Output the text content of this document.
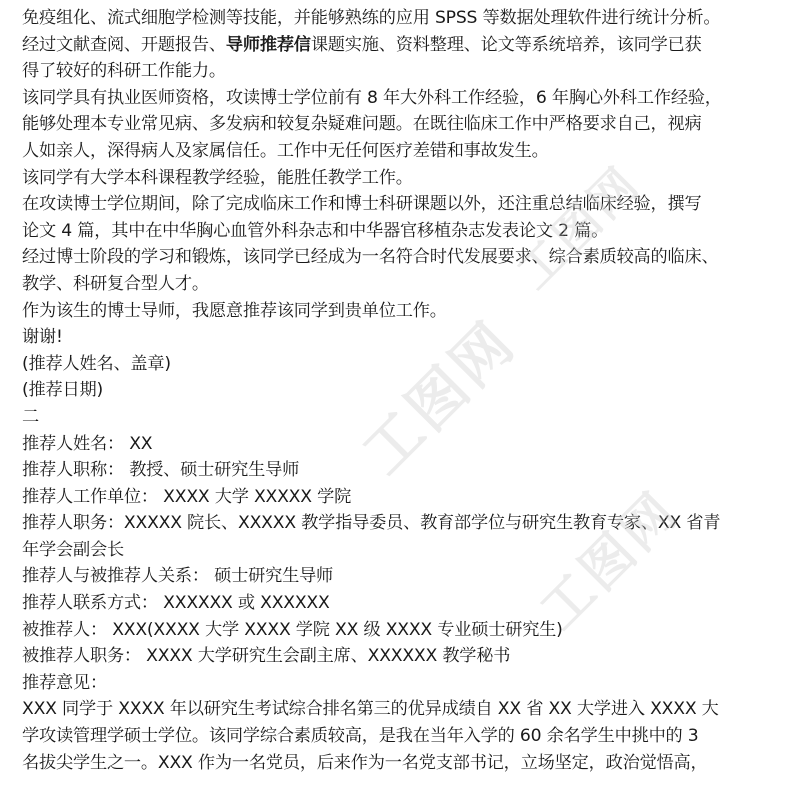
免疫组化、流式细胞学检测等技能，并能够熟练的应用 SPSS 等数据处理软件进行统计分析。
经过文献查阅、开题报告、导师推荐信课题实施、资料整理、论文等系统培养，该同学已获
得了较好的科研工作能力。
该同学具有执业医师资格，攻读博士学位前有 8 年大外科工作经验，6 年胸心外科工作经验，
能够处理本专业常见病、多发病和较复杂疑难问题。在既往临床工作中严格要求自己，视病
人如亲人，深得病人及家属信任。工作中无任何医疗差错和事故发生。
该同学有大学本科课程教学经验，能胜任教学工作。
在攻读博士学位期间，除了完成临床工作和博士科研课题以外，还注重总结临床经验，撰写
论文 4 篇，其中在中华胸心血管外科杂志和中华器官移植杂志发表论文 2 篇。
经过博士阶段的学习和锻炼，该同学已经成为一名符合时代发展要求、综合素质较高的临床、
教学、科研复合型人才。
作为该生的博士导师，我愿意推荐该同学到贵单位工作。
谢谢!
(推荐人姓名、盖章)
(推荐日期)
二
推荐人姓名： XX
推荐人职称： 教授、硕士研究生导师
推荐人工作单位： XXXX 大学 XXXXX 学院
推荐人职务：XXXXX 院长、XXXXX 教学指导委员、教育部学位与研究生教育专家、XX 省青
年学会副会长
推荐人与被推荐人关系： 硕士研究生导师
推荐人联系方式： XXXXXX 或 XXXXXX
被推荐人： XXX(XXXX 大学 XXXX 学院 XX 级 XXXX 专业硕士研究生)
被推荐人职务： XXXX 大学研究生会副主席、XXXXXX 教学秘书
推荐意见：
XXX 同学于 XXXX 年以研究生考试综合排名第三的优异成绩自 XX 省 XX 大学进入 XXXX 大
学攻读管理学硕士学位。该同学综合素质较高，是我在当年入学的 60 余名学生中挑中的 3
名拔尖学生之一。XXX 作为一名党员，后来作为一名党支部书记，立场坚定，政治觉悟高，
工图网
工图网
工图网
